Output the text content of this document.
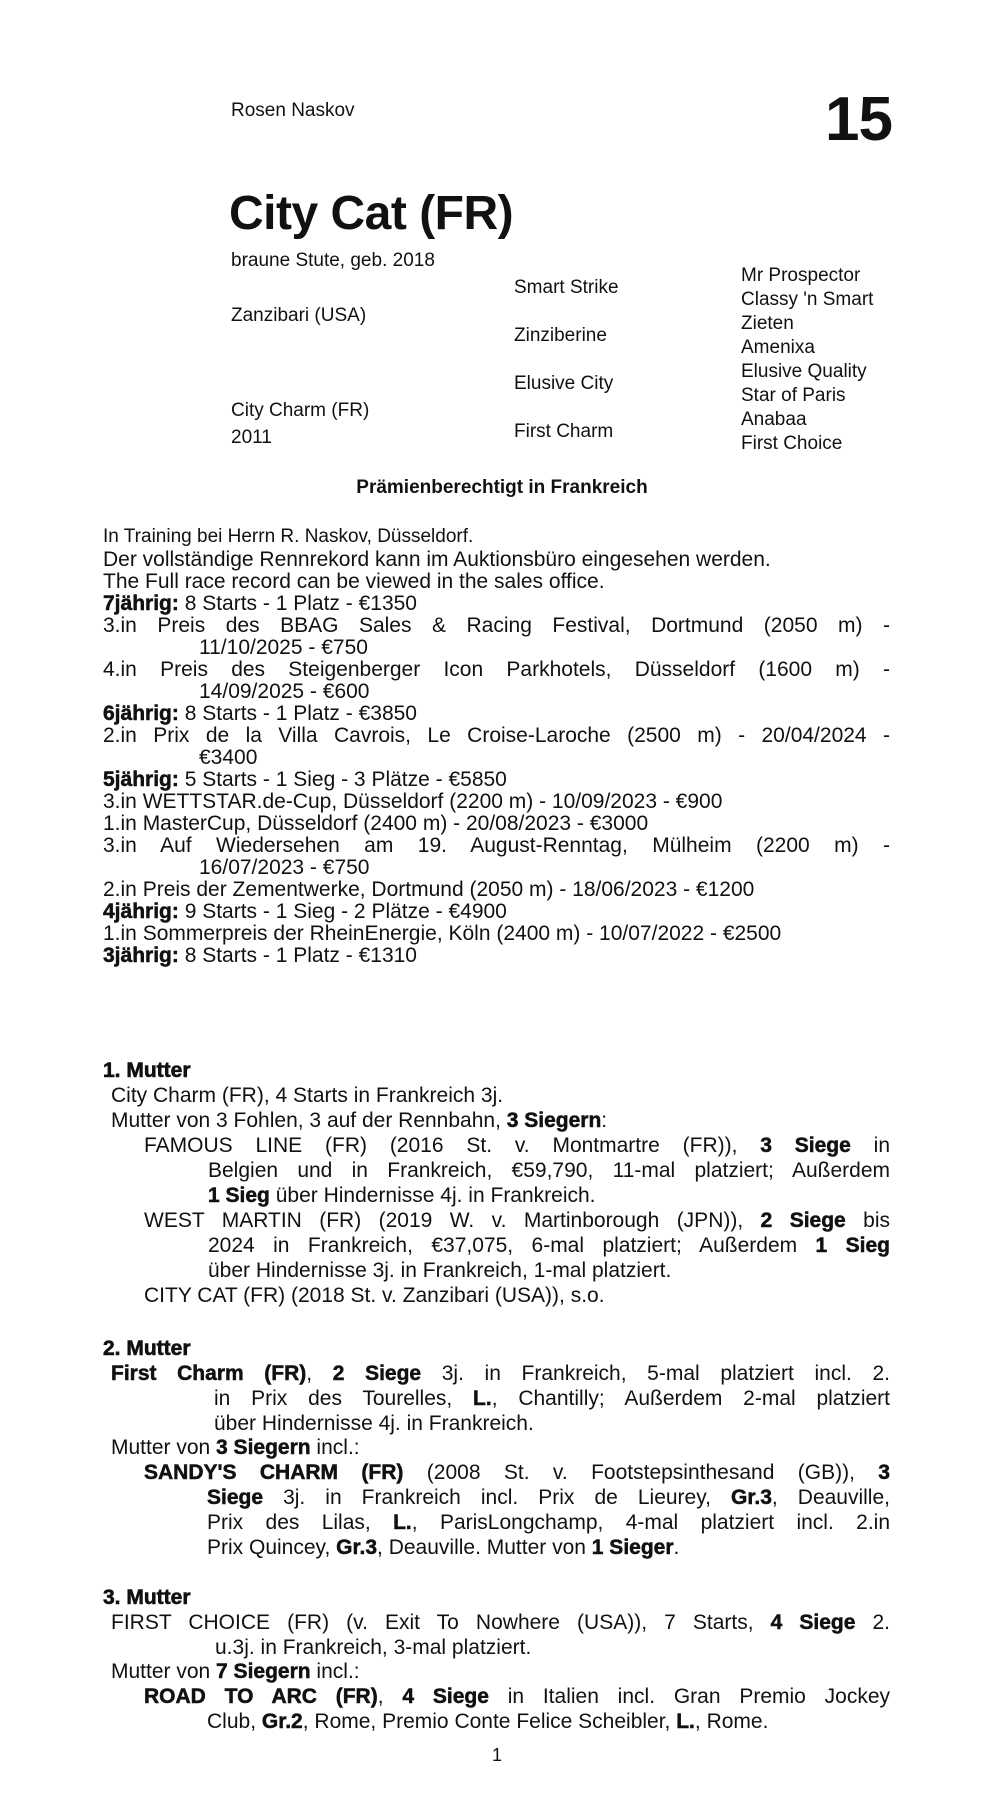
Rosen Naskov	15
City Cat (FR)
braune Stute, geb. 2018
Zanzibari (USA)
City Charm (FR)
2011
Smart Strike
Zinziberine
Elusive City
First Charm
Mr Prospector
Classy 'n Smart
Zieten
Amenixa
Elusive Quality
Star of Paris
Anabaa
First Choice
Prämienberechtigt in Frankreich
In Training bei Herrn R. Naskov, Düsseldorf.
Der vollständige Rennrekord kann im Auktionsbüro eingesehen werden.
The Full race record can be viewed in the sales office.
7jährig: 8 Starts - 1 Platz - €1350
3.in Preis des BBAG Sales & Racing Festival, Dortmund (2050 m) -
11/10/2025 - €750
4.in Preis des Steigenberger Icon Parkhotels, Düsseldorf (1600 m) -
14/09/2025 - €600
6jährig: 8 Starts - 1 Platz - €3850
2.in Prix de la Villa Cavrois, Le Croise-Laroche (2500 m) - 20/04/2024 -
€3400
5jährig: 5 Starts - 1 Sieg - 3 Plätze - €5850
3.in WETTSTAR.de-Cup, Düsseldorf (2200 m) - 10/09/2023 - €900
1.in MasterCup, Düsseldorf (2400 m) - 20/08/2023 - €3000
3.in Auf Wiedersehen am 19. August-Renntag, Mülheim (2200 m) -
16/07/2023 - €750
2.in Preis der Zementwerke, Dortmund (2050 m) - 18/06/2023 - €1200
4jährig: 9 Starts - 1 Sieg - 2 Plätze - €4900
1.in Sommerpreis der RheinEnergie, Köln (2400 m) - 10/07/2022 - €2500
3jährig: 8 Starts - 1 Platz - €1310
1. Mutter
City Charm (FR), 4 Starts in Frankreich 3j.
Mutter von 3 Fohlen, 3 auf der Rennbahn, 3 Siegern:
FAMOUS LINE (FR) (2016 St. v. Montmartre (FR)), 3 Siege in
Belgien und in Frankreich, €59,790, 11-mal platziert; Außerdem
1 Sieg über Hindernisse 4j. in Frankreich.
WEST MARTIN (FR) (2019 W. v. Martinborough (JPN)), 2 Siege bis
2024 in Frankreich, €37,075, 6-mal platziert; Außerdem 1 Sieg
über Hindernisse 3j. in Frankreich, 1-mal platziert.
CITY CAT (FR) (2018 St. v. Zanzibari (USA)), s.o.
2. Mutter
First Charm (FR), 2 Siege 3j. in Frankreich, 5-mal platziert incl. 2.
in Prix des Tourelles, L., Chantilly; Außerdem 2-mal platziert
über Hindernisse 4j. in Frankreich.
Mutter von 3 Siegern incl.:
SANDY'S CHARM (FR) (2008 St. v. Footstepsinthesand (GB)), 3
Siege 3j. in Frankreich incl. Prix de Lieurey, Gr.3, Deauville,
Prix des Lilas, L., ParisLongchamp, 4-mal platziert incl. 2.in
Prix Quincey, Gr.3, Deauville. Mutter von 1 Sieger.
3. Mutter
FIRST CHOICE (FR) (v. Exit To Nowhere (USA)), 7 Starts, 4 Siege 2.
u.3j. in Frankreich, 3-mal platziert.
Mutter von 7 Siegern incl.:
ROAD TO ARC (FR), 4 Siege in Italien incl. Gran Premio Jockey
Club, Gr.2, Rome, Premio Conte Felice Scheibler, L., Rome.
1
